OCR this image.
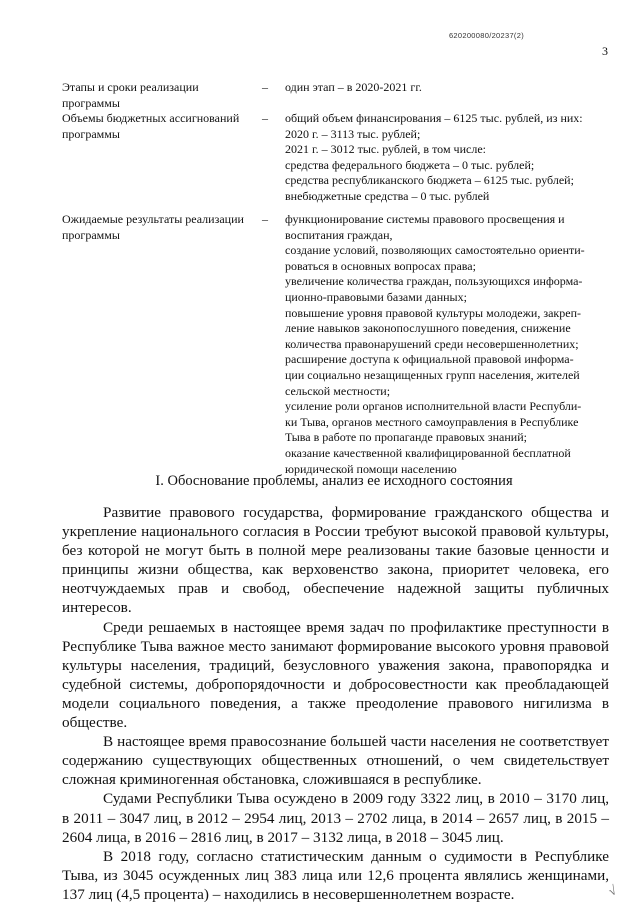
620200080/20237(2)
3
Этапы и сроки реализации программы
–	один этап – в 2020-2021 гг.
Объемы бюджетных ассигнований программы
–	общий объем финансирования – 6125 тыс. рублей, из них:
2020 г. – 3113 тыс. рублей;
2021 г. – 3012 тыс. рублей, в том числе:
средства федерального бюджета – 0 тыс. рублей;
средства республиканского бюджета – 6125 тыс. рублей;
внебюджетные средства – 0 тыс. рублей
Ожидаемые результаты реализации программы
–	функционирование системы правового просвещения и
воспитания граждан,
создание условий, позволяющих самостоятельно ориенти-
роваться в основных вопросах права;
увеличение количества граждан, пользующихся информа-
ционно-правовыми базами данных;
повышение уровня правовой культуры молодежи, закреп-
ление навыков законопослушного поведения, снижение
количества правонарушений среди несовершеннолетних;
расширение доступа к официальной правовой информа-
ции социально незащищенных групп населения, жителей
сельской местности;
усиление роли органов исполнительной власти Республи-
ки Тыва, органов местного самоуправления в Республике
Тыва в работе по пропаганде правовых знаний;
оказание качественной квалифицированной бесплатной
юридической помощи населению
I. Обоснование проблемы, анализ ее исходного состояния

Развитие правового государства, формирование гражданского общества и укрепление национального согласия в России требуют высокой правовой культуры, без которой не могут быть в полной мере реализованы такие базовые ценности и принципы жизни общества, как верховенство закона, приоритет человека, его неотчуждаемых прав и свобод, обеспечение надежной защиты публичных интересов.

Среди решаемых в настоящее время задач по профилактике преступности в Республике Тыва важное место занимают формирование высокого уровня правовой культуры населения, традиций, безусловного уважения закона, правопорядка и судебной системы, добропорядочности и добросовестности как преобладающей модели социального поведения, а также преодоление правового нигилизма в обществе.

В настоящее время правосознание большей части населения не соответствует содержанию существующих общественных отношений, о чем свидетельствует сложная криминогенная обстановка, сложившаяся в республике.

Судами Республики Тыва осуждено в 2009 году 3322 лиц, в 2010 – 3170 лиц, в 2011 – 3047 лиц, в 2012 – 2954 лиц, 2013 – 2702 лица, в 2014 – 2657 лиц, в 2015 – 2604 лица, в 2016 – 2816 лиц, в 2017 – 3132 лица, в 2018 – 3045 лиц.

В 2018 году, согласно статистическим данным о судимости в Республике Тыва, из 3045 осужденных лиц 383 лица или 12,6 процента являлись женщинами, 137 лиц (4,5 процента) – находились в несовершеннолетнем возрасте.	√
